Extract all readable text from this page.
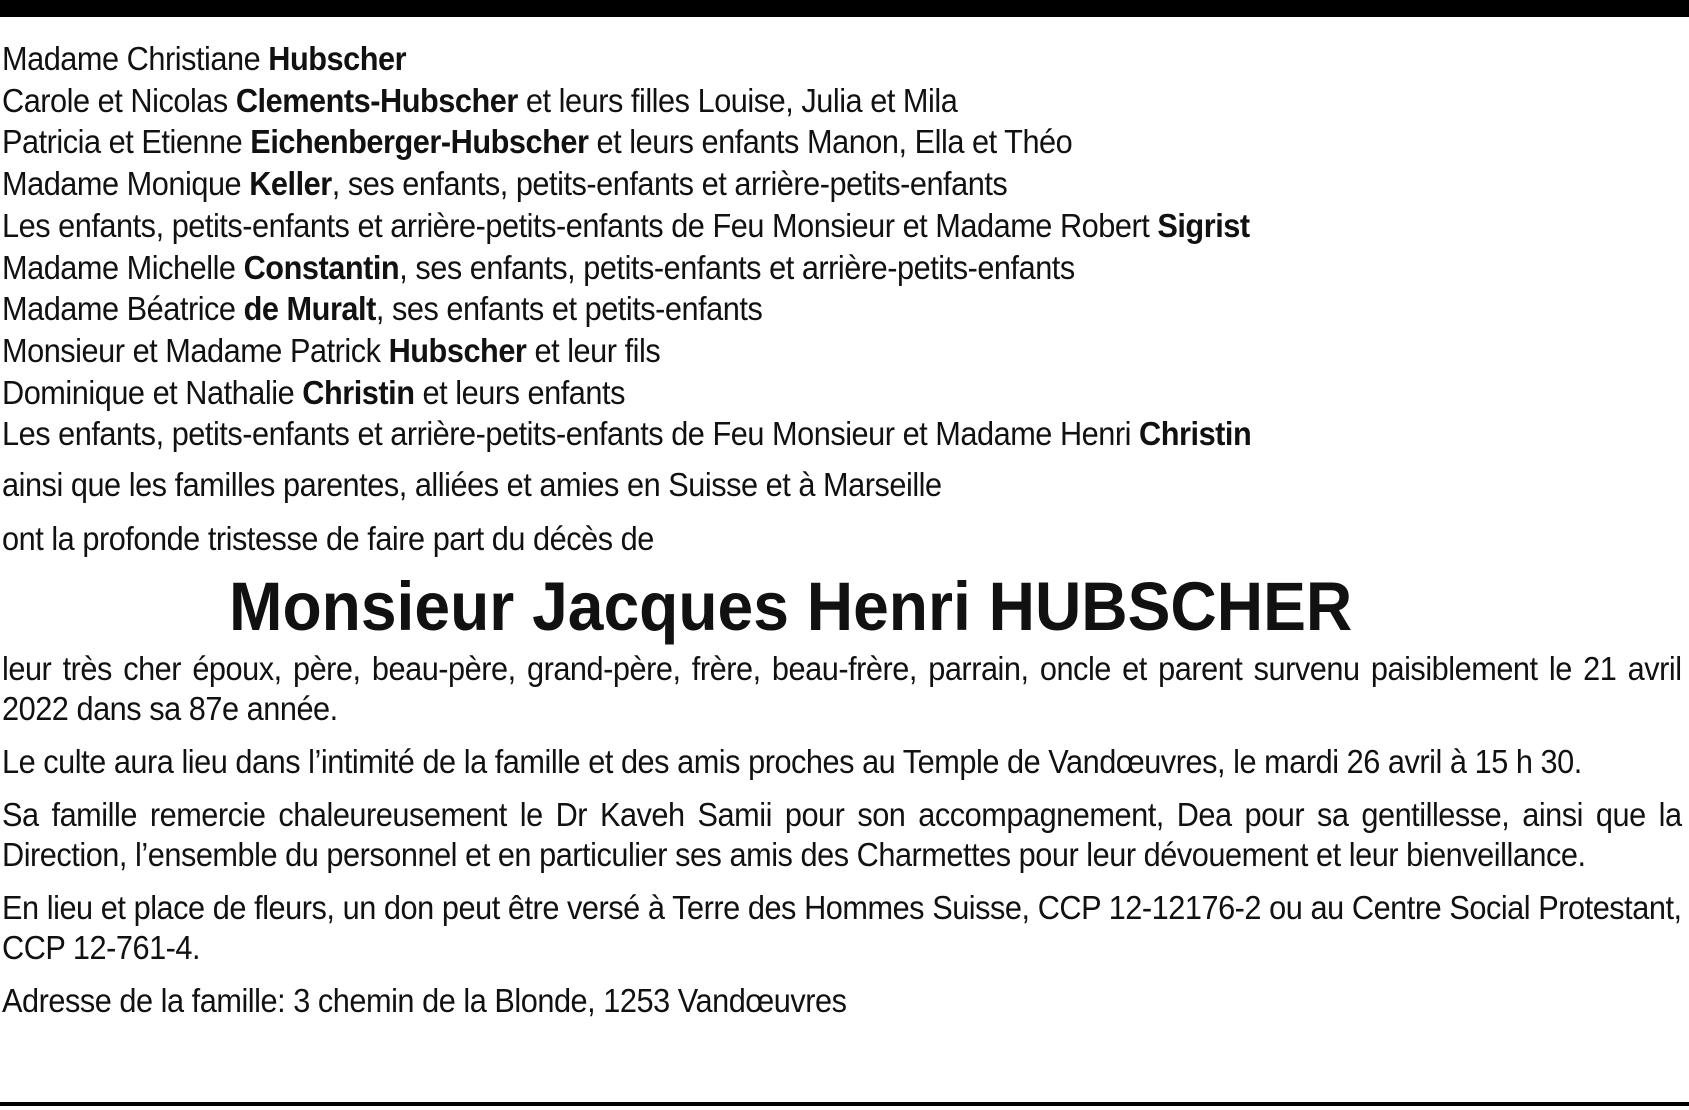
Madame Christiane Hubscher
Carole et Nicolas Clements-Hubscher et leurs filles Louise, Julia et Mila
Patricia et Etienne Eichenberger-Hubscher et leurs enfants Manon, Ella et Théo
Madame Monique Keller, ses enfants, petits-enfants et arrière-petits-enfants
Les enfants, petits-enfants et arrière-petits-enfants de Feu Monsieur et Madame Robert Sigrist
Madame Michelle Constantin, ses enfants, petits-enfants et arrière-petits-enfants
Madame Béatrice de Muralt, ses enfants et petits-enfants
Monsieur et Madame Patrick Hubscher et leur fils
Dominique et Nathalie Christin et leurs enfants
Les enfants, petits-enfants et arrière-petits-enfants de Feu Monsieur et Madame Henri Christin

ainsi que les familles parentes, alliées et amies en Suisse et à Marseille

ont la profonde tristesse de faire part du décès de

Monsieur Jacques Henri HUBSCHER

leur très cher époux, père, beau-père, grand-père, frère, beau-frère, parrain, oncle et parent survenu paisiblement le 21 avril 2022 dans sa 87e année.

Le culte aura lieu dans l’intimité de la famille et des amis proches au Temple de Vandœuvres, le mardi 26 avril à 15 h 30.

Sa famille remercie chaleureusement le Dr Kaveh Samii pour son accompagnement, Dea pour sa gentillesse, ainsi que la Direction, l’ensemble du personnel et en particulier ses amis des Charmettes pour leur dévouement et leur bienveillance.

En lieu et place de fleurs, un don peut être versé à Terre des Hommes Suisse, CCP 12-12176-2 ou au Centre Social Protestant, CCP 12-761-4.

Adresse de la famille: 3 chemin de la Blonde, 1253 Vandœuvres
